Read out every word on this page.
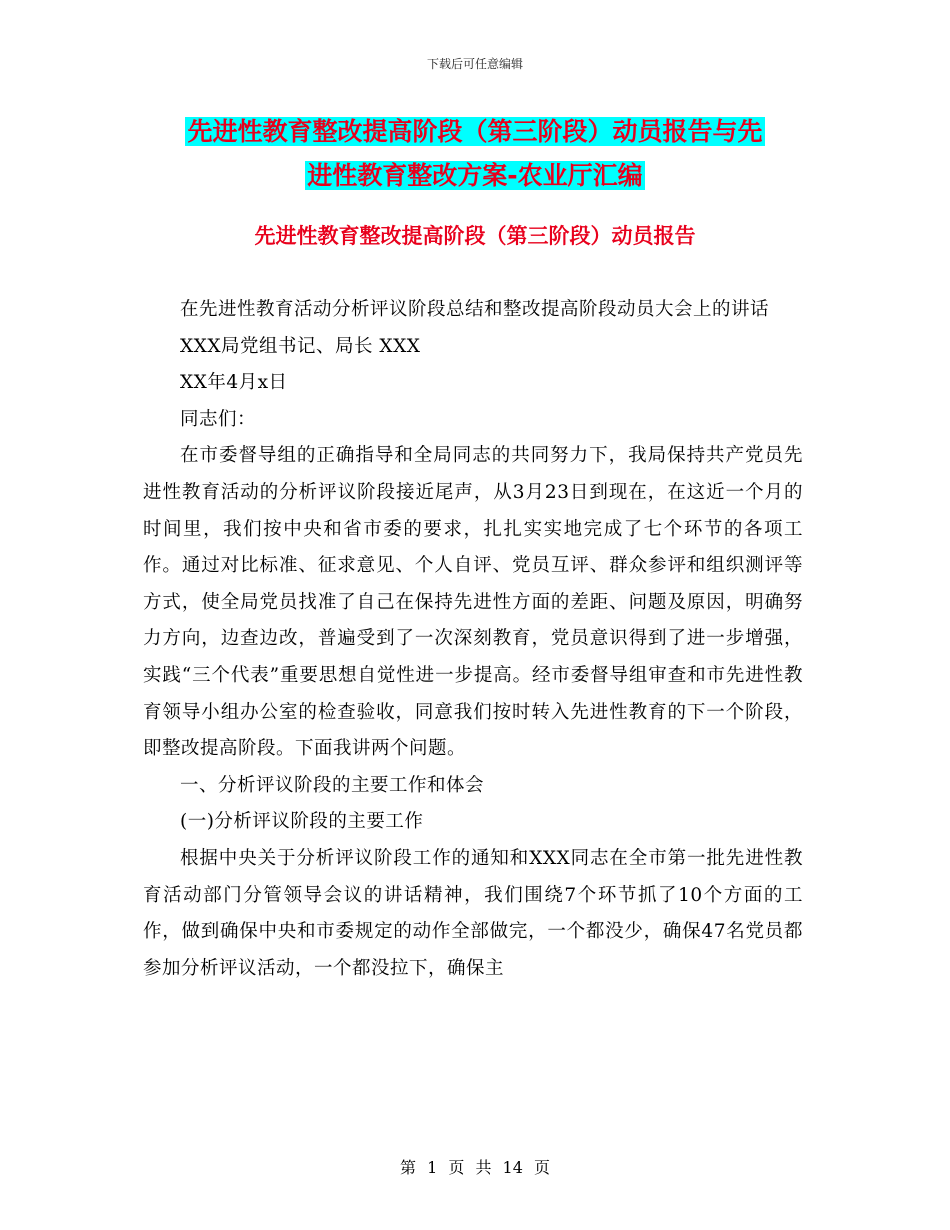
下载后可任意编辑
先进性教育整改提高阶段（第三阶段）动员报告与先
进性教育整改方案-农业厅汇编
先进性教育整改提高阶段（第三阶段）动员报告

在先进性教育活动分析评议阶段总结和整改提高阶段动员大会上的讲话

XXX局党组书记、局长 XXX

XX年4月x日

同志们：

在市委督导组的正确指导和全局同志的共同努力下，我局保持共产党员先进性教育活动的分析评议阶段接近尾声，从3月23日到现在，在这近一个月的时间里，我们按中央和省市委的要求，扎扎实实地完成了七个环节的各项工作。通过对比标准、征求意见、个人自评、党员互评、群众参评和组织测评等方式，使全局党员找准了自己在保持先进性方面的差距、问题及原因，明确努力方向，边查边改，普遍受到了一次深刻教育，党员意识得到了进一步增强，实践“三个代表”重要思想自觉性进一步提高。经市委督导组审查和市先进性教育领导小组办公室的检查验收，同意我们按时转入先进性教育的下一个阶段，即整改提高阶段。下面我讲两个问题。

一、分析评议阶段的主要工作和体会

(一)分析评议阶段的主要工作

根据中央关于分析评议阶段工作的通知和XXX同志在全市第一批先进性教育活动部门分管领导会议的讲话精神，我们围绕7个环节抓了10个方面的工作，做到确保中央和市委规定的动作全部做完，一个都没少，确保47名党员都参加分析评议活动，一个都没拉下，确保主

第 1 页 共 14 页
